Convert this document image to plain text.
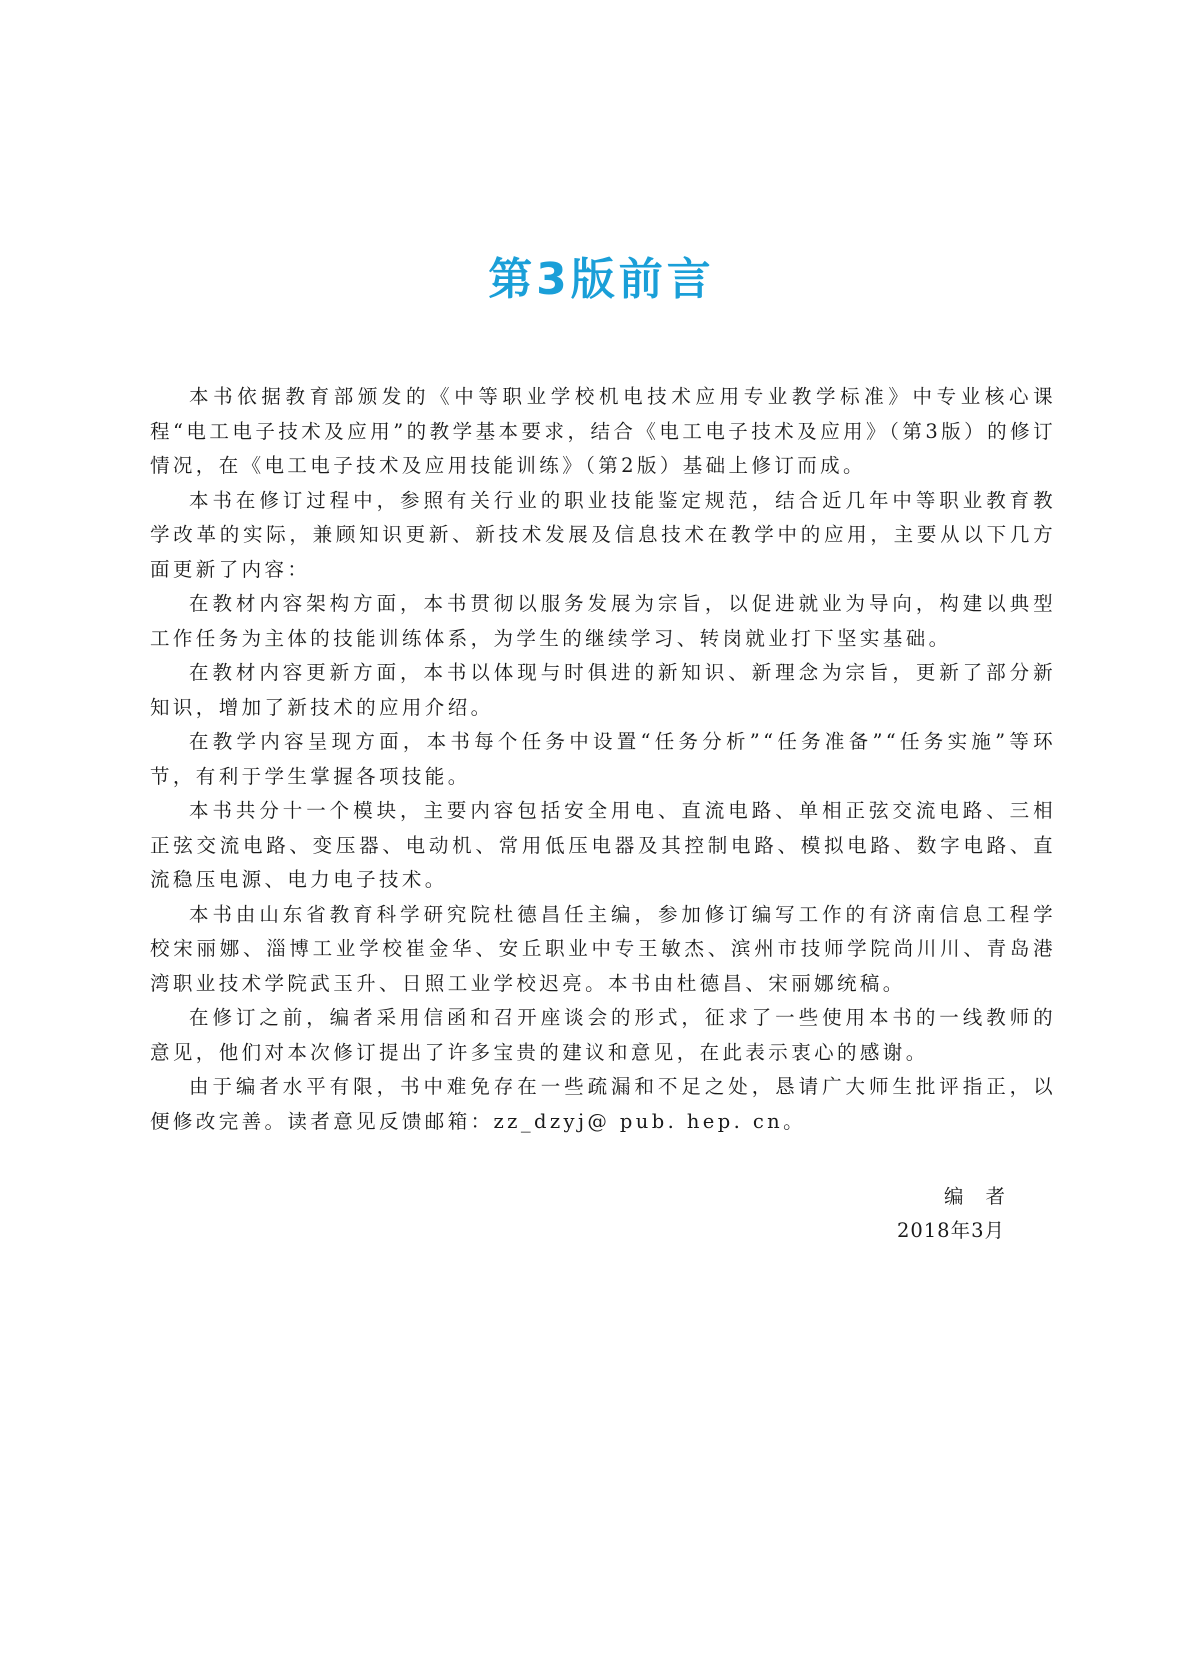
第3版前言

本书依据教育部颁发的《中等职业学校机电技术应用专业教学标准》中专业核心课程“电工电子技术及应用”的教学基本要求，结合《电工电子技术及应用》（第3版）的修订情况，在《电工电子技术及应用技能训练》（第2版）基础上修订而成。

本书在修订过程中，参照有关行业的职业技能鉴定规范，结合近几年中等职业教育教学改革的实际，兼顾知识更新、新技术发展及信息技术在教学中的应用，主要从以下几方面更新了内容：

在教材内容架构方面，本书贯彻以服务发展为宗旨，以促进就业为导向，构建以典型工作任务为主体的技能训练体系，为学生的继续学习、转岗就业打下坚实基础。

在教材内容更新方面，本书以体现与时俱进的新知识、新理念为宗旨，更新了部分新知识，增加了新技术的应用介绍。

在教学内容呈现方面，本书每个任务中设置“任务分析”“任务准备”“任务实施”等环节，有利于学生掌握各项技能。

本书共分十一个模块，主要内容包括安全用电、直流电路、单相正弦交流电路、三相正弦交流电路、变压器、电动机、常用低压电器及其控制电路、模拟电路、数字电路、直流稳压电源、电力电子技术。

本书由山东省教育科学研究院杜德昌任主编，参加修订编写工作的有济南信息工程学校宋丽娜、淄博工业学校崔金华、安丘职业中专王敏杰、滨州市技师学院尚川川、青岛港湾职业技术学院武玉升、日照工业学校迟亮。本书由杜德昌、宋丽娜统稿。

在修订之前，编者采用信函和召开座谈会的形式，征求了一些使用本书的一线教师的意见，他们对本次修订提出了许多宝贵的建议和意见，在此表示衷心的感谢。

由于编者水平有限，书中难免存在一些疏漏和不足之处，恳请广大师生批评指正，以便修改完善。读者意见反馈邮箱：zz_dzyj@ pub. hep. cn。

编者
2018年3月
